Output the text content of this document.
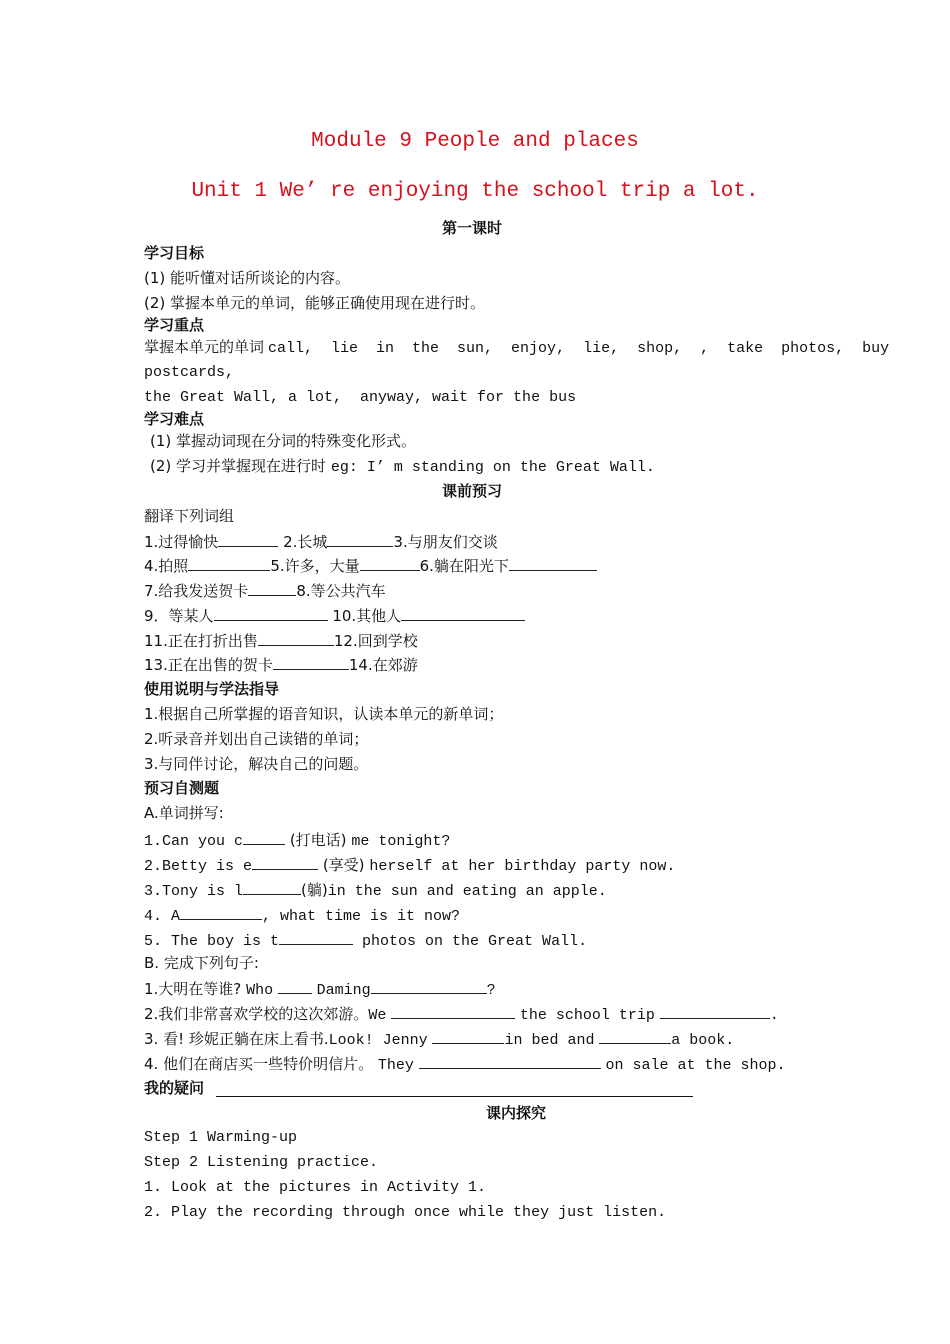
Module 9 People and places
Unit 1 We’ re enjoying the school trip a lot.
第一课时
学习目标
(1) 能听懂对话所谈论的内容。
(2) 掌握本单元的单词，能够正确使用现在进行时。
学习重点
掌握本单元的单词 call,  lie  in  the  sun,  enjoy,  lie,  shop,  ,  take  photos,  buy
postcards,
the Great Wall, a lot,  anyway, wait for the bus
学习难点
(1) 掌握动词现在分词的特殊变化形式。
(2) 学习并掌握现在进行时 eg: I’ m standing on the Great Wall.
课前预习
翻译下列词组
1.过得愉快	2.长城	3.与朋友们交谈
4.拍照	5.许多，大量	6.躺在阳光下
7.给我发送贺卡	8.等公共汽车
9．等某人	10.其他人
11.正在打折出售	12.回到学校
13.正在出售的贺卡	14.在郊游
使用说明与学法指导
1.根据自己所掌握的语音知识，认读本单元的新单词；
2.听录音并划出自己读错的单词；
3.与同伴讨论，解决自己的问题。
预习自测题
A.单词拼写:
1.Can you c	(打电话) me tonight?
2.Betty is e	(享受) herself at her birthday party now.
3.Tony is l	(躺)in the sun and eating an apple.
4. A	, what time is it now?
5. The boy is t	photos on the Great Wall.
B. 完成下列句子:
1.大明在等谁? Who	Daming	?
2.我们非常喜欢学校的这次郊游。We	the school trip	.
3. 看! 珍妮正躺在床上看书.Look! Jenny	in bed and	a book.
4. 他们在商店买一些特价明信片。 They	on sale at the shop.
我的疑问
课内探究
Step 1 Warming-up
Step 2 Listening practice.
1. Look at the pictures in Activity 1.
2. Play the recording through once while they just listen.
